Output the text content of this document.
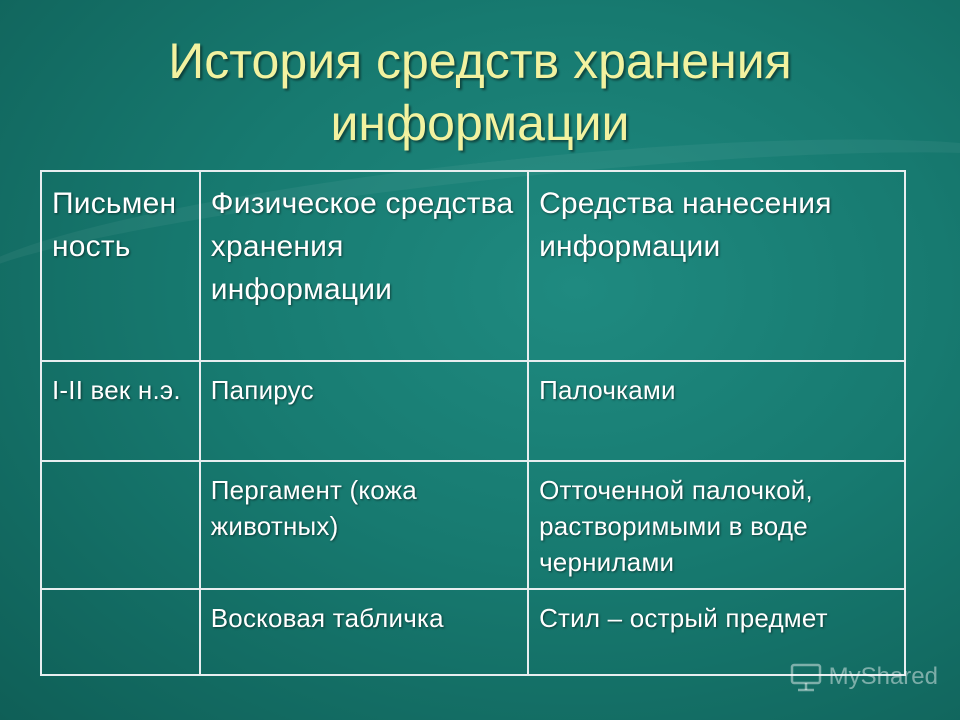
История средств хранения информации
Письмен ность	Физическое средства хранения информации	Средства нанесения информации
I-II век н.э.	Папирус	Палочками
	Пергамент (кожа животных)	Отточенной палочкой, растворимыми в воде чернилами
	Восковая табличка	Стил – острый предмет
MyShared
